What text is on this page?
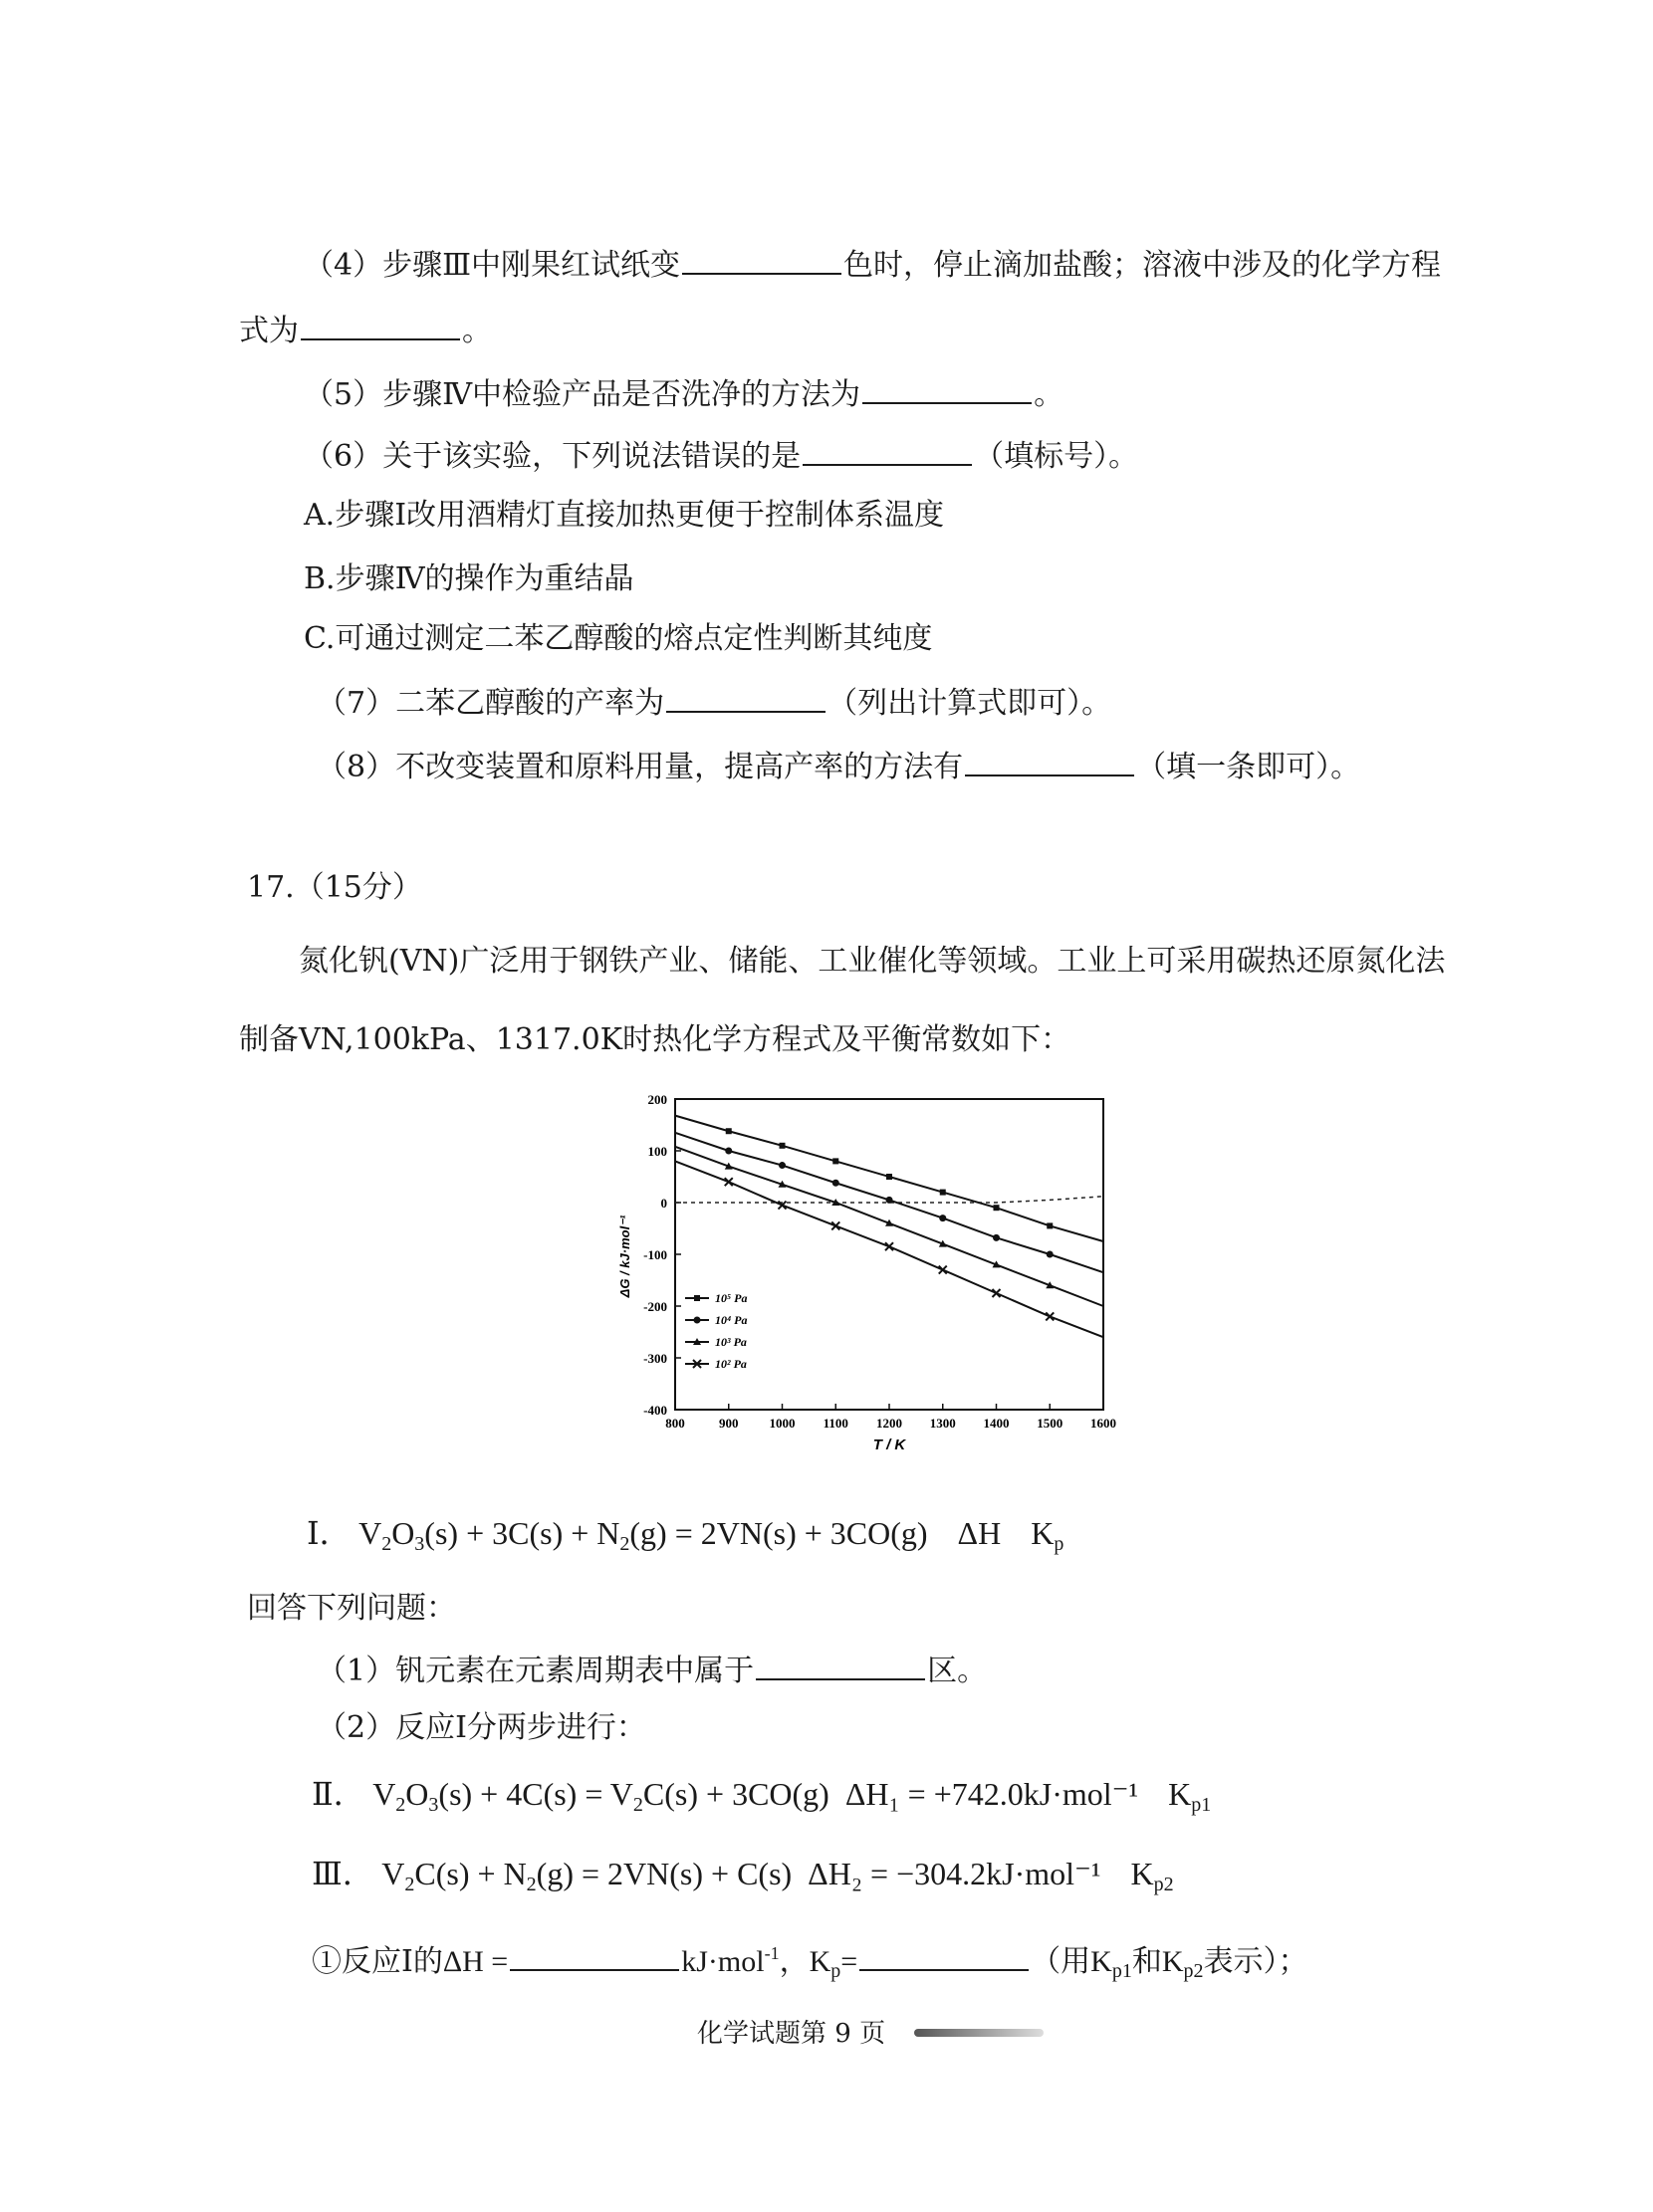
（4）步骤Ⅲ中刚果红试纸变	色时，停止滴加盐酸；溶液中涉及的化学方程
式为	。
（5）步骤Ⅳ中检验产品是否洗净的方法为	。
（6）关于该实验，下列说法错误的是	（填标号）。
A.步骤Ⅰ改用酒精灯直接加热更便于控制体系温度
B.步骤Ⅳ的操作为重结晶
C.可通过测定二苯乙醇酸的熔点定性判断其纯度
（7）二苯乙醇酸的产率为	（列出计算式即可）。
（8）不改变装置和原料用量，提高产率的方法有	（填一条即可）。
17.（15分）
氮化钒(VN)广泛用于钢铁产业、储能、工业催化等领域。工业上可采用碳热还原氮化法
制备VN,100kPa、1317.0K时热化学方程式及平衡常数如下：
800	900 1000 1100 1200 1300 1400 1500 1600
200
100
0
-100
-200
-300
-400
10⁵ Pa
10⁴ Pa
10³ Pa
10² Pa
T / K
ΔG / kJ·mol⁻¹
Ⅰ． $V_2O_3(s) + 3C(s) + N_2(g) = 2VN(s) + 3CO(g)$ ΔH $K_p$
回答下列问题：
（1）钒元素在元素周期表中属于	区。
（2）反应Ⅰ分两步进行：
Ⅱ． $V_2O_3(s) + 4C(s) = V_2C(s) + 3CO(g) \Delta H_1 = +742.0kJ\cdot mol^{-1}$ $K_{p1}$
Ⅲ． $V_2C(s) + N_2(g) = 2VN(s) + C(s) \Delta H_2 = -304.2kJ\cdot mol^{-1}$ $K_{p2}$
①反应Ⅰ的ΔH =	kJ·mol$^{-1}$，$K_p=$	（用$K_{p1}$和$K_{p2}$表示）；
化学试题第 9 页
